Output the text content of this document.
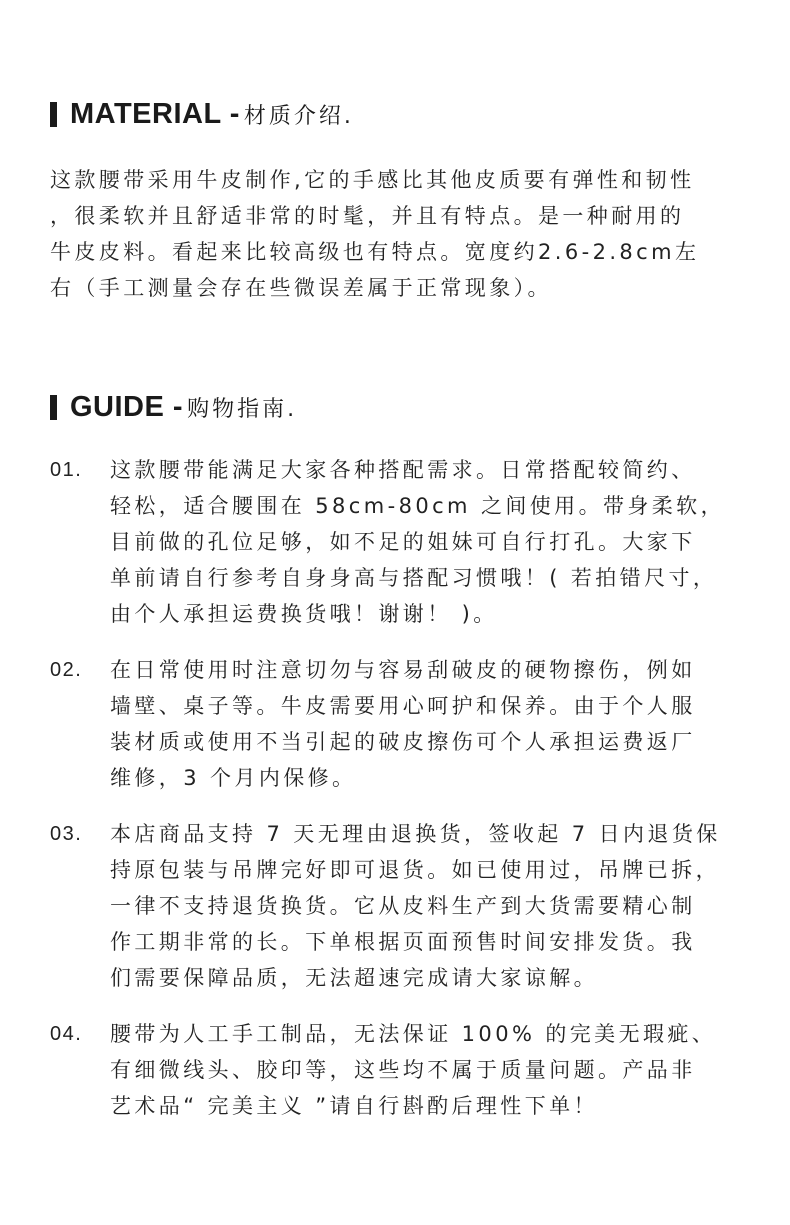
MATERIAL - 材质介绍.
这款腰带采用牛皮制作,它的手感比其他皮质要有弹性和韧性
，很柔软并且舒适非常的时髦，并且有特点。是一种耐用的
牛皮皮料。看起来比较高级也有特点。宽度约2.6-2.8cm左
右（手工测量会存在些微误差属于正常现象）。
GUIDE - 购物指南.
01.	这款腰带能满足大家各种搭配需求。日常搭配较简约、
轻松，适合腰围在 58cm-80cm 之间使用。带身柔软，
目前做的孔位足够，如不足的姐妹可自行打孔。大家下
单前请自行参考自身身高与搭配习惯哦！( 若拍错尺寸，
由个人承担运费换货哦！谢谢！ )。
02.	在日常使用时注意切勿与容易刮破皮的硬物擦伤，例如
墙壁、桌子等。牛皮需要用心呵护和保养。由于个人服
装材质或使用不当引起的破皮擦伤可个人承担运费返厂
维修，3 个月内保修。
03.	本店商品支持 7 天无理由退换货，签收起 7 日内退货保
持原包装与吊牌完好即可退货。如已使用过，吊牌已拆，
一律不支持退货换货。它从皮料生产到大货需要精心制
作工期非常的长。下单根据页面预售时间安排发货。我
们需要保障品质，无法超速完成请大家谅解。
04.	腰带为人工手工制品，无法保证 100% 的完美无瑕疵、
有细微线头、胶印等，这些均不属于质量问题。产品非
艺术品“ 完美主义 ”请自行斟酌后理性下单！
